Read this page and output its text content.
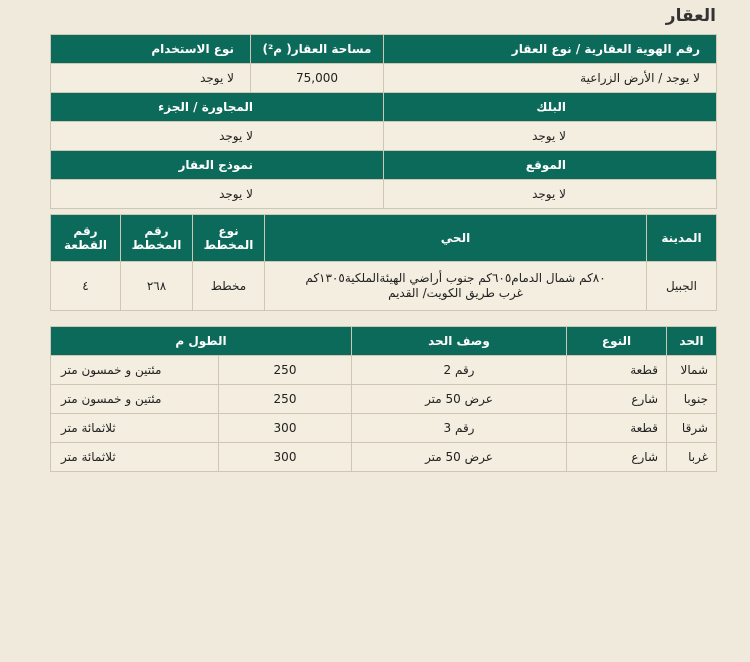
العقار
رقم الهوية العقارية / نوع العقار	مساحة العقار( م²)	نوع الاستخدام
لا يوجد / الأرض الزراعية	75,000	لا يوجد
البلك	المجاورة / الجزء	
لا يوجد	لا يوجد	
الموقع	نموذج العقار	
لا يوجد	لا يوجد	
المدينة	الحي	نوع المخطط	رقم المخطط	رقم القطعة
الجبيل	٨٠كم شمال الدمام٦٠٥كم جنوب أراضي الهيئةالملكية١٣٠٥كم غرب طريق الكويت/ القديم	مخطط	٢٦٨	٤
الحد	النوع	وصف الحد	الطول م	
شمالا	قطعة	رقم 2	250	مئتين و خمسون متر
جنوبا	شارع	عرض 50 متر	250	مئتين و خمسون متر
شرقا	قطعة	رقم 3	300	ثلاثمائة متر
غربا	شارع	عرض 50 متر	300	ثلاثمائة متر
